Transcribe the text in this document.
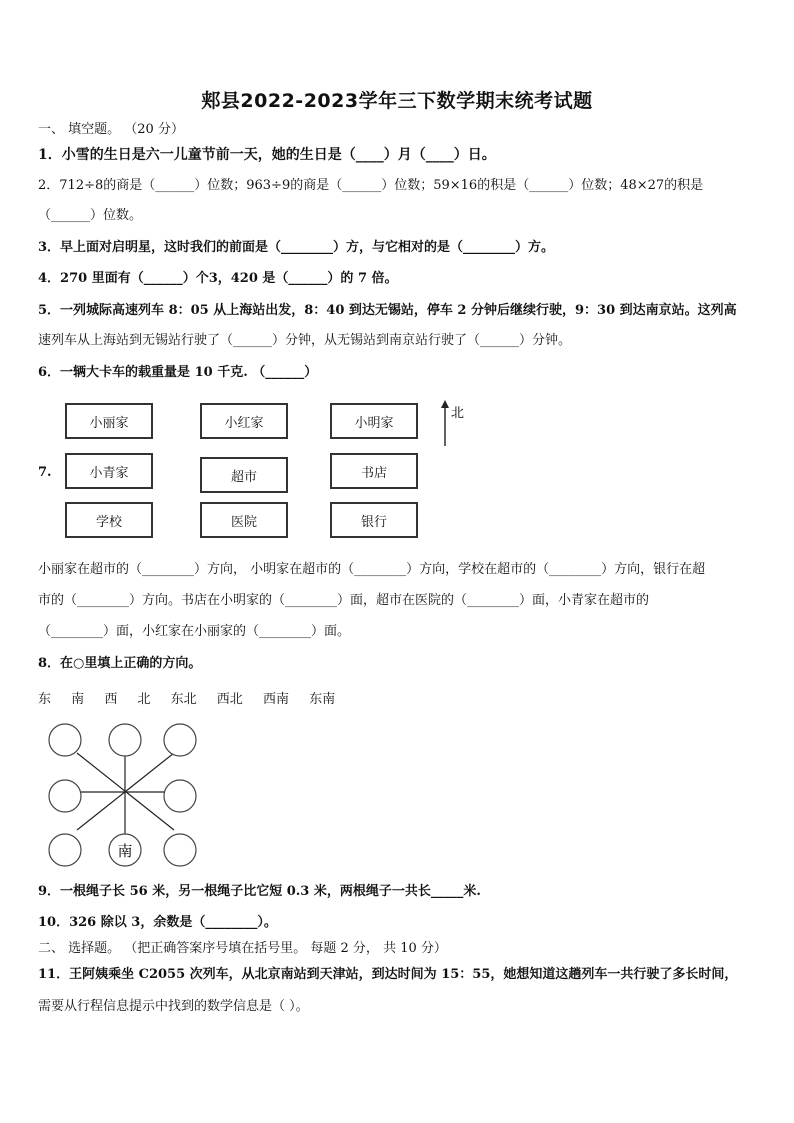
郏县2022-2023学年三下数学期末统考试题
一、 填空题。 （20 分）
1．小雪的生日是六一儿童节前一天，她的生日是（____）月（____）日。
2．712÷8的商是（______）位数；963÷9的商是（______）位数；59×16的积是（______）位数；48×27的积是
（______）位数。
3．早上面对启明星，这时我们的前面是（________）方，与它相对的是（________）方。
4．270 里面有（______）个3，420 是（______）的 7 倍。
5．一列城际高速列车 8：05 从上海站出发，8：40 到达无锡站，停车 2 分钟后继续行驶，9：30 到达南京站。这列高
速列车从上海站到无锡站行驶了（______）分钟，从无锡站到南京站行驶了（______）分钟。
6．一辆大卡车的载重量是 10 千克. （______）
7.
小丽家	小红家	小明家
小青家	超市	书店
学校	医院	银行
北
小丽家在超市的（________）方向， 小明家在超市的（________）方向，学校在超市的（________）方向，银行在超
市的（________）方向。书店在小明家的（________）面，超市在医院的（________）面，小青家在超市的
（________）面，小红家在小丽家的（________）面。
8．在○里填上正确的方向。
东 南 西 北 东北 西北 西南 东南
南
9．一根绳子长 56 米，另一根绳子比它短 0.3 米，两根绳子一共长_____米.
10．326 除以 3，余数是（________）。
二、 选择题。 （把正确答案序号填在括号里。 每题 2 分， 共 10 分）
11．王阿姨乘坐 C2055 次列车，从北京南站到天津站，到达时间为 15：55，她想知道这趟列车一共行驶了多长时间，
需要从行程信息提示中找到的数学信息是（ ）。
